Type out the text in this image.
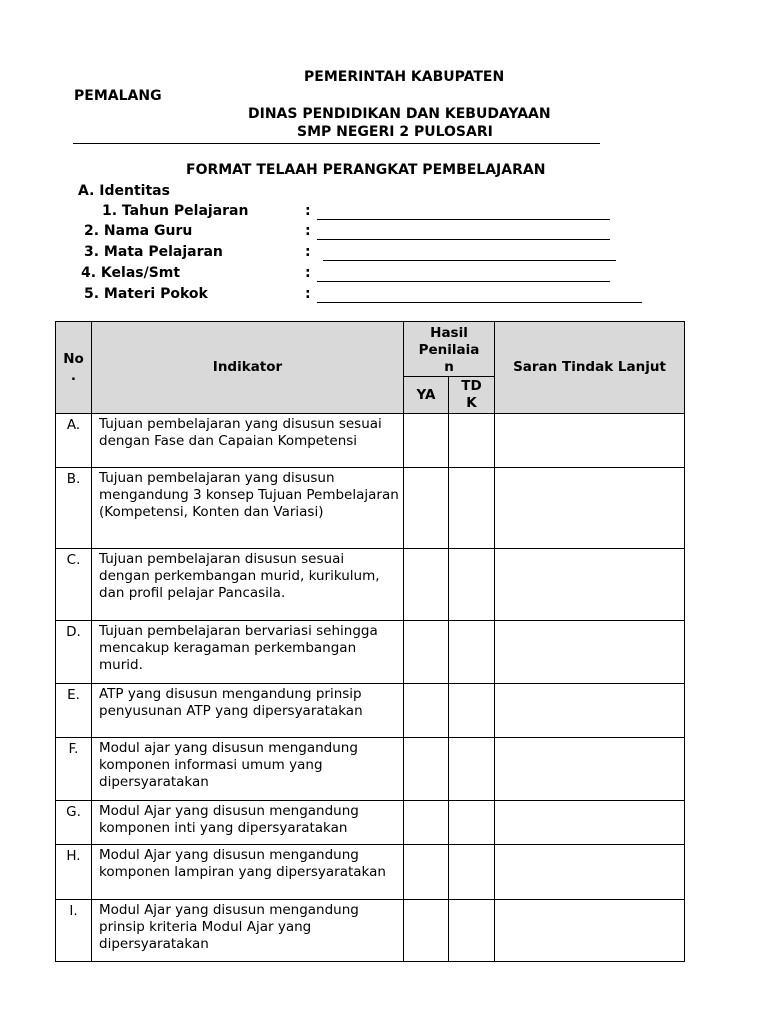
PEMERINTAH KABUPATEN
PEMALANG
DINAS PENDIDIKAN DAN KEBUDAYAAN
SMP NEGERI 2 PULOSARI
FORMAT TELAAH PERANGKAT PEMBELAJARAN
A. Identitas
1. Tahun Pelajaran	:
2. Nama Guru	:
3. Mata Pelajaran	:
4. Kelas/Smt	:
5. Materi Pokok	:
No .	Indikator	Hasil Penilaia n		Saran Tindak Lanjut
		YA	TD K	
A.	Tujuan pembelajaran yang disusun sesuai dengan Fase dan Capaian Kompetensi			
B.	Tujuan pembelajaran yang disusun mengandung 3 konsep Tujuan Pembelajaran (Kompetensi, Konten dan Variasi)			
C.	Tujuan pembelajaran disusun sesuai dengan perkembangan murid, kurikulum, dan profil pelajar Pancasila.			
D.	Tujuan pembelajaran bervariasi sehingga mencakup keragaman perkembangan murid.			
E.	ATP yang disusun mengandung prinsip penyusunan ATP yang dipersyaratakan			
F.	Modul ajar yang disusun mengandung komponen informasi umum yang dipersyaratakan			
G.	Modul Ajar yang disusun mengandung komponen inti yang dipersyaratakan			
H.	Modul Ajar yang disusun mengandung komponen lampiran yang dipersyaratakan			
I.	Modul Ajar yang disusun mengandung prinsip kriteria Modul Ajar yang dipersyaratakan			
